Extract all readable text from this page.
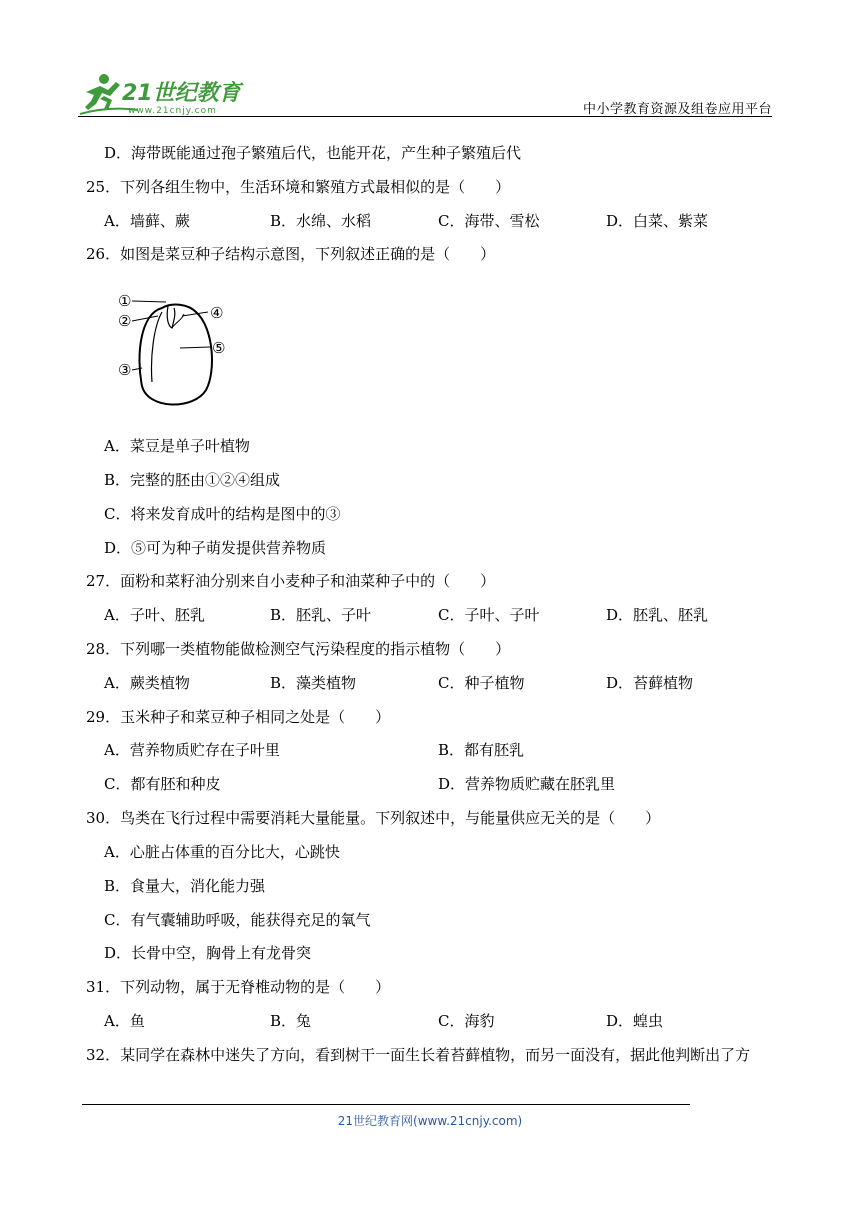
21世纪教育
www.21cnjy.com	中小学教育资源及组卷应用平台
D．海带既能通过孢子繁殖后代，也能开花，产生种子繁殖后代
25．下列各组生物中，生活环境和繁殖方式最相似的是（　　）
A．墙藓、蕨	B．水绵、水稻	C．海带、雪松	D．白菜、紫菜
26．如图是菜豆种子结构示意图，下列叙述正确的是（　　）
①
②
③
④
⑤
A．菜豆是单子叶植物
B．完整的胚由①②④组成
C．将来发育成叶的结构是图中的③
D．⑤可为种子萌发提供营养物质
27．面粉和菜籽油分别来自小麦种子和油菜种子中的（　　）
A．子叶、胚乳	B．胚乳、子叶	C．子叶、子叶	D．胚乳、胚乳
28．下列哪一类植物能做检测空气污染程度的指示植物（　　）
A．蕨类植物	B．藻类植物	C．种子植物	D．苔藓植物
29．玉米种子和菜豆种子相同之处是（　　）
A．营养物质贮存在子叶里	B．都有胚乳
C．都有胚和种皮	D．营养物质贮藏在胚乳里
30．鸟类在飞行过程中需要消耗大量能量。下列叙述中，与能量供应无关的是（　　）
A．心脏占体重的百分比大，心跳快
B．食量大，消化能力强
C．有气囊辅助呼吸，能获得充足的氧气
D．长骨中空，胸骨上有龙骨突
31．下列动物，属于无脊椎动物的是（　　）
A．鱼	B．兔	C．海豹	D．蝗虫
32．某同学在森林中迷失了方向，看到树干一面生长着苔藓植物，而另一面没有，据此他判断出了方
21世纪教育网(www.21cnjy.com)
